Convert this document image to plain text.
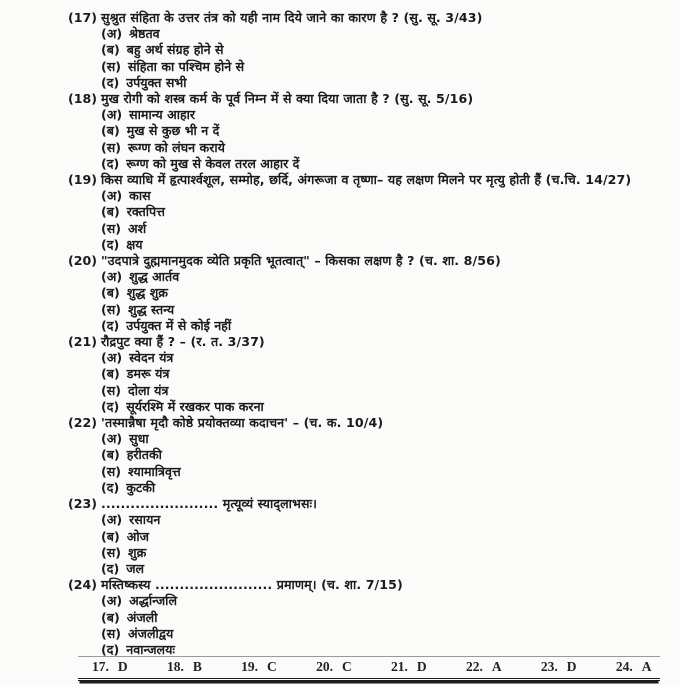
(17) सुश्रुत संहिता के उत्तर तंत्र को यही नाम दिये जाने का कारण है ? (सु. सू. 3/43)
(अ) श्रेष्ठतव
(ब) बहु अर्थ संग्रह होने से
(स) संहिता का पश्चिम होने से
(द) उर्पयुक्त सभी
(18) मुख रोगी को शस्त्र कर्म के पूर्व निम्न में से क्या दिया जाता है ? (सु. सू. 5/16)
(अ) सामान्य आहार
(ब) मुख से कुछ भी न दें
(स) रूग्ण को लंघन कराये
(द) रूग्ण को मुख से केवल तरल आहार दें
(19) किस व्याधि में हृत्पार्श्वशूल, सम्मोह, छर्दि, अंगरूजा व तृष्णा– यह लक्षण मिलने पर मृत्यु होती हैं (च.चि. 14/27)
(अ) कास
(ब) रक्तपित्त
(स) अर्श
(द) क्षय
(20) "उदपात्रे दुह्ममानमुदक व्येति प्रकृति भूतत्वात्" – किसका लक्षण है ? (च. शा. 8/56)
(अ) शुद्ध आर्तव
(ब) शुद्ध शुक्र
(स) शुद्ध स्तन्य
(द) उर्पयुक्त में से कोई नहीं
(21) रौद्रपुट क्या हैं ? – (र. त. 3/37)
(अ) स्वेदन यंत्र
(ब) डमरू यंत्र
(स) दोला यंत्र
(द) सूर्यरश्मि में रखकर पाक करना
(22) 'तस्मान्नैषा मृदौ कोष्ठे प्रयोक्तव्या कदाचन' – (च. क. 10/4)
(अ) सुधा
(ब) हरीतकी
(स) श्यामात्रिवृत्त
(द) कुटकी
(23) ........................ मृत्यूव्यं स्याद्लाभसः।
(अ) रसायन
(ब) ओज
(स) शुक्र
(द) जल
(24) मस्तिष्कस्य ........................ प्रमाणम्। (च. शा. 7/15)
(अ) अर्द्धान्जलि
(ब) अंजली
(स) अंजलीद्वय
(द) नवान्जलयः
17. D	18. B	19. C	20. C	21. D	22. A	23. D	24. A
